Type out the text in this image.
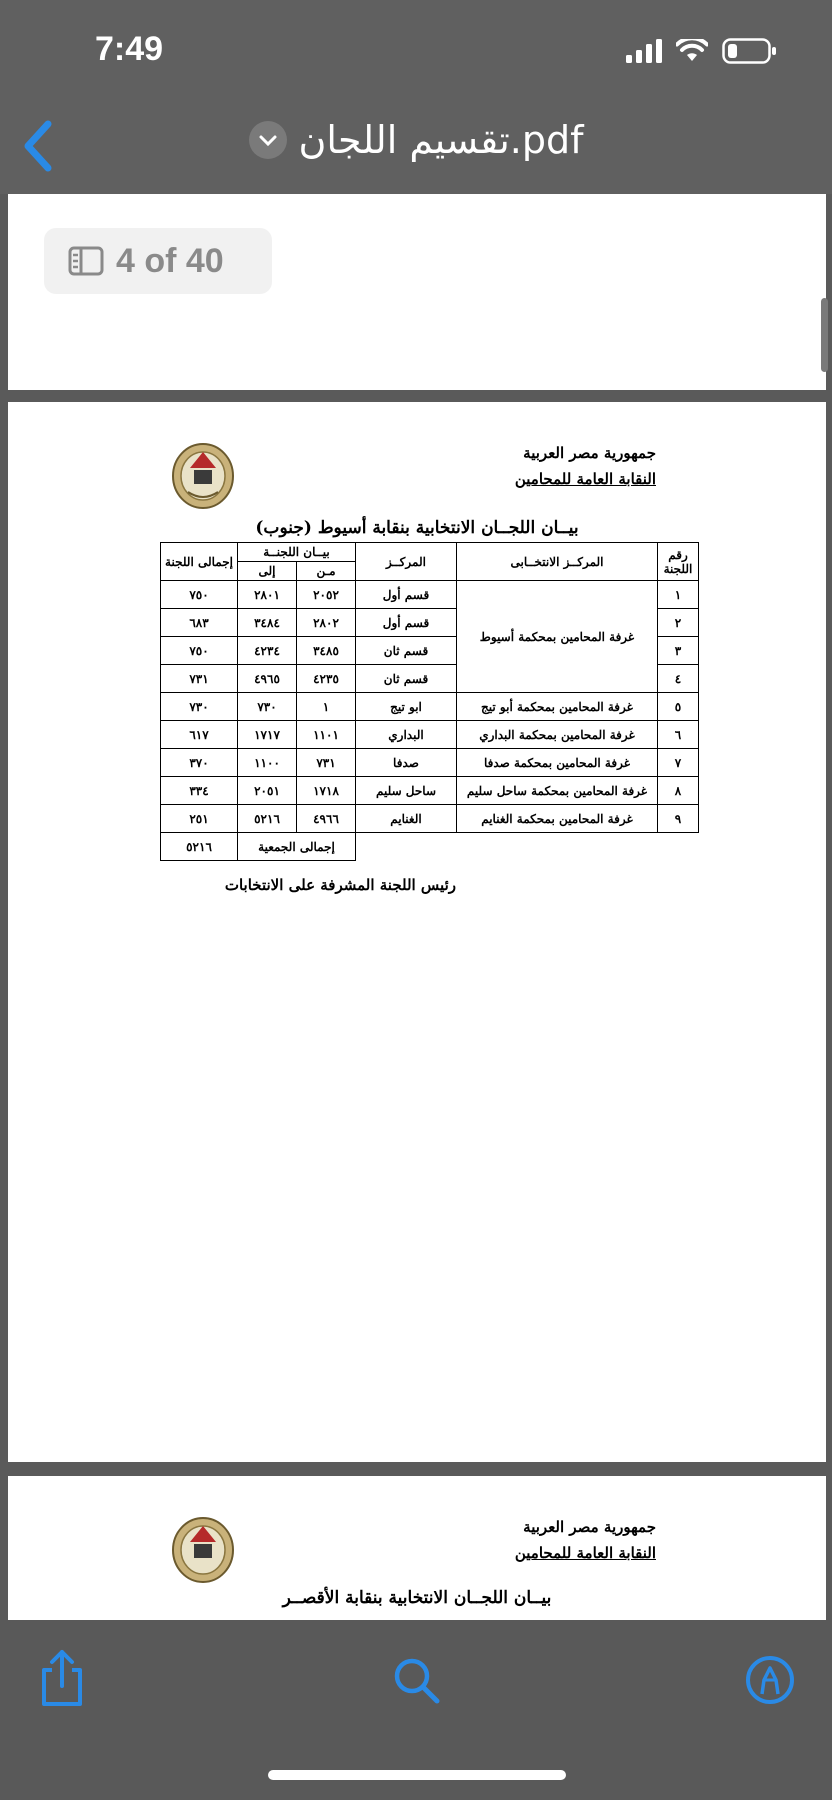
7:49
تقسيم اللجان.pdf
4 of 40
جمهورية مصر العربية
النقابة العامة للمحامين
بيــان اللجــان الانتخابية بنقابة أسيوط (جنوب)
رقم اللجنة	المركــز الانتخــابى	المركــز	بيــان اللجنــة		إجمالى اللجنة
			مـن	إلى	
١	غرفة المحامين بمحكمة أسيوط	قسم أول	٢٠٥٢	٢٨٠١	٧٥٠
٢		قسم أول	٢٨٠٢	٣٤٨٤	٦٨٣
٣		قسم ثان	٣٤٨٥	٤٢٣٤	٧٥٠
٤		قسم ثان	٤٢٣٥	٤٩٦٥	٧٣١
٥	غرفة المحامين بمحكمة أبو تيج	ابو تيج	١	٧٣٠	٧٣٠
٦	غرفة المحامين بمحكمة البداري	البداري	١١٠١	١٧١٧	٦١٧
٧	غرفة المحامين بمحكمة صدفا	صدفا	٧٣١	١١٠٠	٣٧٠
٨	غرفة المحامين بمحكمة ساحل سليم	ساحل سليم	١٧١٨	٢٠٥١	٣٣٤
٩	غرفة المحامين بمحكمة الغنايم	الغنايم	٤٩٦٦	٥٢١٦	٢٥١
			إجمالى الجمعية		٥٢١٦
رئيس اللجنة المشرفة على الانتخابات
جمهورية مصر العربية
النقابة العامة للمحامين
بيــان اللجــان الانتخابية بنقابة الأقصــر
